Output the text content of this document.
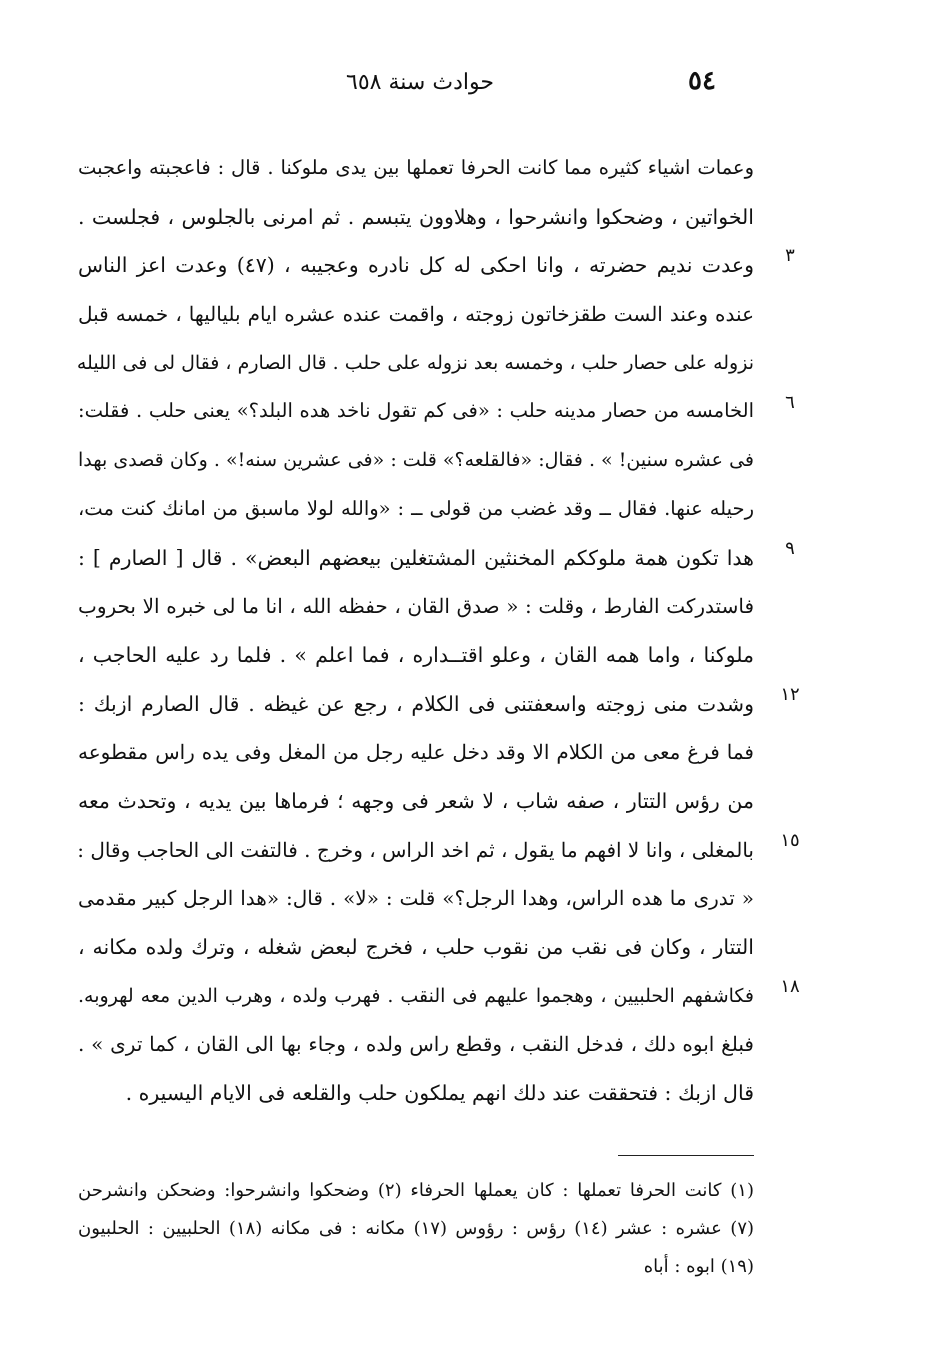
٥٤
حوادث سنة ٦٥٨
٣
٦
٩
١٢
١٥
١٨
وعمات اشياء كثيره مما كانت الحرفا تعملها بين يدى ملوكنا . قال : فاعجبته واعجبت
الخواتين ، وضحكوا وانشرحوا ، وهلاوون يتبسم . ثم امرنى بالجلوس ، فجلست .
وعدت نديم حضرته ، وانا احكى له كل نادره وعجيبه ، (٤٧) وعدت اعز الناس
عنده وعند الست طقزخاتون زوجته ، واقمت عنده عشره ايام بلياليها ، خمسه قبل
نزوله على حصار حلب ، وخمسه بعد نزوله على حلب . قال الصارم ، فقال لى فى الليله
الخامسه من حصار مدينه حلب : «فى كم تقول ناخد هده البلد؟» يعنى حلب . فقلت:
فى عشره سنين! » . فقال: «فالقلعه؟» قلت : «فى عشرين سنه!» . وكان قصدى بهدا
رحيله عنها. فقال ــ وقد غضب من قولى ــ : «والله لولا ماسبق من امانك كنت مت،
هدا تكون همة ملوككم المخنثين المشتغلين بيعضهم البعض» . قال [ الصارم ] :
فاستدركت الفارط ، وقلت : « صدق القان ، حفظه الله ، انا ما لى خبره الا بحروب
ملوكنا ، واما همه القان ، وعلو اقتــداره ، فما اعلم » . فلما رد عليه الحاجب ،
وشدت منى زوجته واسعفتنى فى الكلام ، رجع عن غيظه . قال الصارم ازبك :
فما فرغ معى من الكلام الا وقد دخل عليه رجل من المغل وفى يده راس مقطوعه
من رؤس التتار ، صفه شاب ، لا شعر فى وجهه ؛ فرماها بين يديه ، وتحدث معه
بالمغلى ، وانا لا افهم ما يقول ، ثم اخد الراس ، وخرج . فالتفت الى الحاجب وقال :
« تدرى ما هده الراس، وهدا الرجل؟» قلت : «لا» . قال: «هدا الرجل كبير مقدمى
التتار ، وكان فى نقب من نقوب حلب ، فخرج لبعض شغله ، وترك ولده مكانه ،
فكاشفهم الحلبيين ، وهجموا عليهم فى النقب . فهرب ولده ، وهرب الدين معه لهروبه.
فبلغ ابوه دلك ، فدخل النقب ، وقطع راس ولده ، وجاء بها الى القان ، كما ترى » .
قال ازبك : فتحققت عند دلك انهم يملكون حلب والقلعه فى الايام اليسيره .
(١) كانت الحرفا تعملها : كان يعملها الحرفاء (٢) وضحكوا وانشرحوا: وضحكن وانشرحن
(٧) عشره : عشر (١٤) رؤس : رؤوس (١٧) مكانه : فى مكانه (١٨) الحلبيين : الحلبيون
(١٩) ابوه : أباه
